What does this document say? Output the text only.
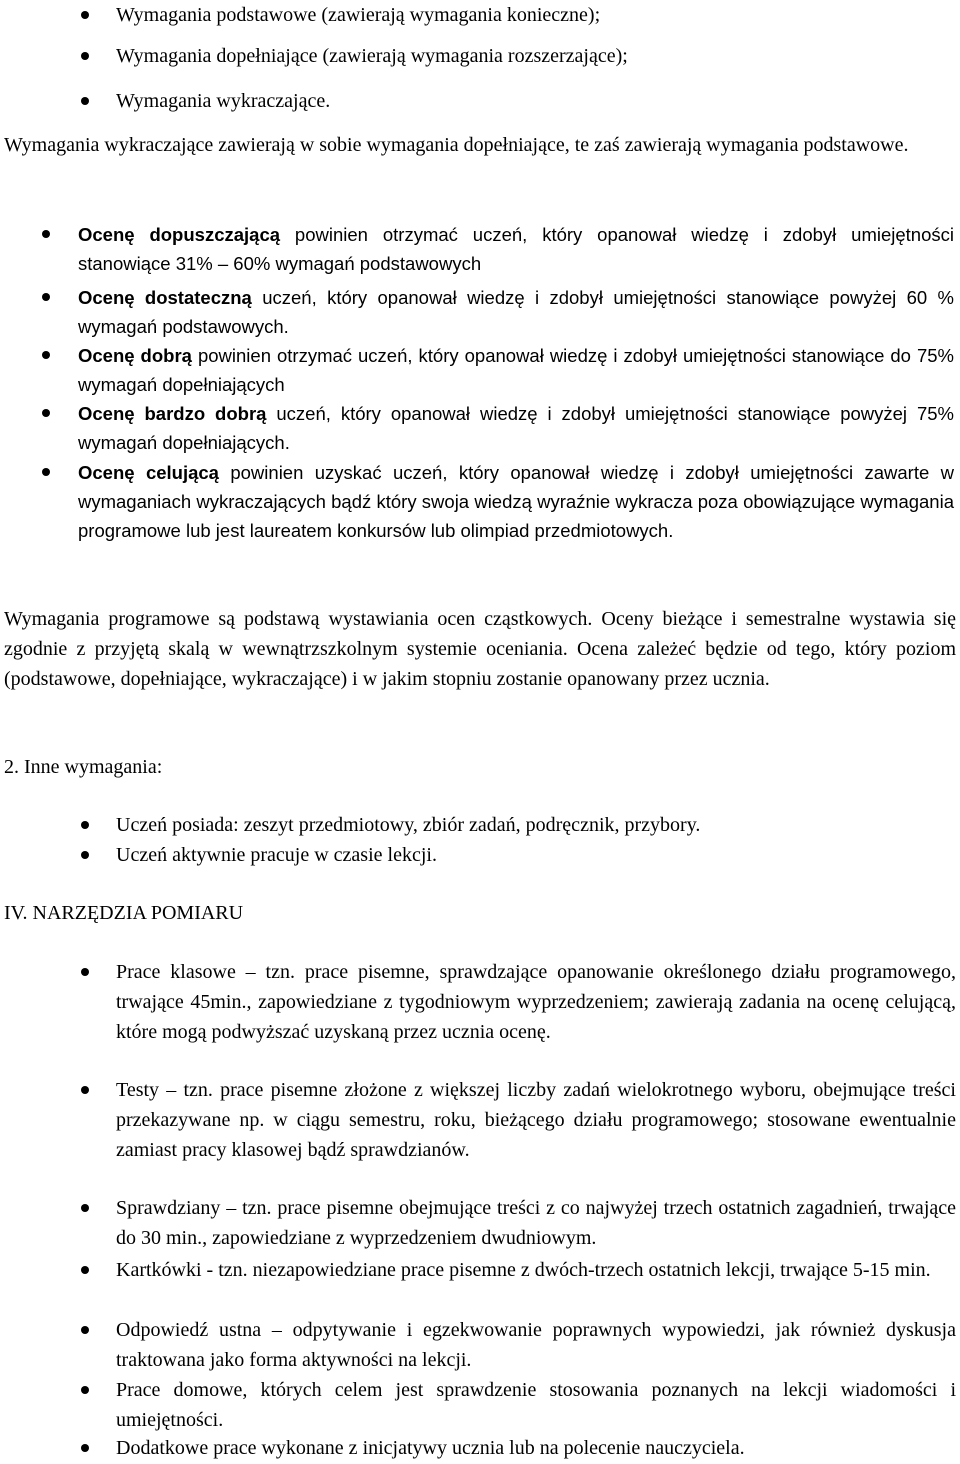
Wymagania podstawowe (zawierają wymagania konieczne);

Wymagania dopełniające (zawierają wymagania rozszerzające);

Wymagania wykraczające.

Wymagania wykraczające zawierają w sobie wymagania dopełniające, te zaś zawierają wymagania podstawowe.

Ocenę dopuszczającą powinien otrzymać uczeń, który opanował wiedzę i zdobył umiejętności stanowiące 31% – 60% wymagań podstawowych

Ocenę dostateczną uczeń, który opanował wiedzę i zdobył umiejętności stanowiące powyżej 60 % wymagań podstawowych.

Ocenę dobrą powinien otrzymać uczeń, który opanował wiedzę i zdobył umiejętności stanowiące do 75% wymagań dopełniających

Ocenę bardzo dobrą uczeń, który opanował wiedzę i zdobył umiejętności stanowiące powyżej 75% wymagań dopełniających.

Ocenę celującą powinien uzyskać uczeń, który opanował wiedzę i zdobył umiejętności zawarte w wymaganiach wykraczających bądź który swoja wiedzą wyraźnie wykracza poza obowiązujące wymagania programowe lub jest laureatem konkursów lub olimpiad przedmiotowych.

Wymagania programowe są podstawą wystawiania ocen cząstkowych. Oceny bieżące i semestralne wystawia się zgodnie z przyjętą skalą w wewnątrzszkolnym systemie oceniania. Ocena zależeć będzie od tego, który poziom (podstawowe, dopełniające, wykraczające) i w jakim stopniu zostanie opanowany przez ucznia.

2. Inne wymagania:

Uczeń posiada: zeszyt przedmiotowy, zbiór zadań, podręcznik, przybory.

Uczeń aktywnie pracuje w czasie lekcji.

IV. NARZĘDZIA POMIARU

Prace klasowe – tzn. prace pisemne, sprawdzające opanowanie określonego działu programowego, trwające 45min., zapowiedziane z tygodniowym wyprzedzeniem; zawierają zadania na ocenę celującą, które mogą podwyższać uzyskaną przez ucznia ocenę.

Testy – tzn. prace pisemne złożone z większej liczby zadań wielokrotnego wyboru, obejmujące treści przekazywane np. w ciągu semestru, roku, bieżącego działu programowego; stosowane ewentualnie zamiast pracy klasowej bądź sprawdzianów.

Sprawdziany – tzn. prace pisemne obejmujące treści z co najwyżej trzech ostatnich zagadnień, trwające do 30 min., zapowiedziane z wyprzedzeniem dwudniowym.

Kartkówki - tzn. niezapowiedziane prace pisemne z dwóch-trzech ostatnich lekcji, trwające 5-15 min.

Odpowiedź ustna – odpytywanie i egzekwowanie poprawnych wypowiedzi, jak również dyskusja traktowana jako forma aktywności na lekcji.

Prace domowe, których celem jest sprawdzenie stosowania poznanych na lekcji wiadomości i umiejętności.

Dodatkowe prace wykonane z inicjatywy ucznia lub na polecenie nauczyciela.
